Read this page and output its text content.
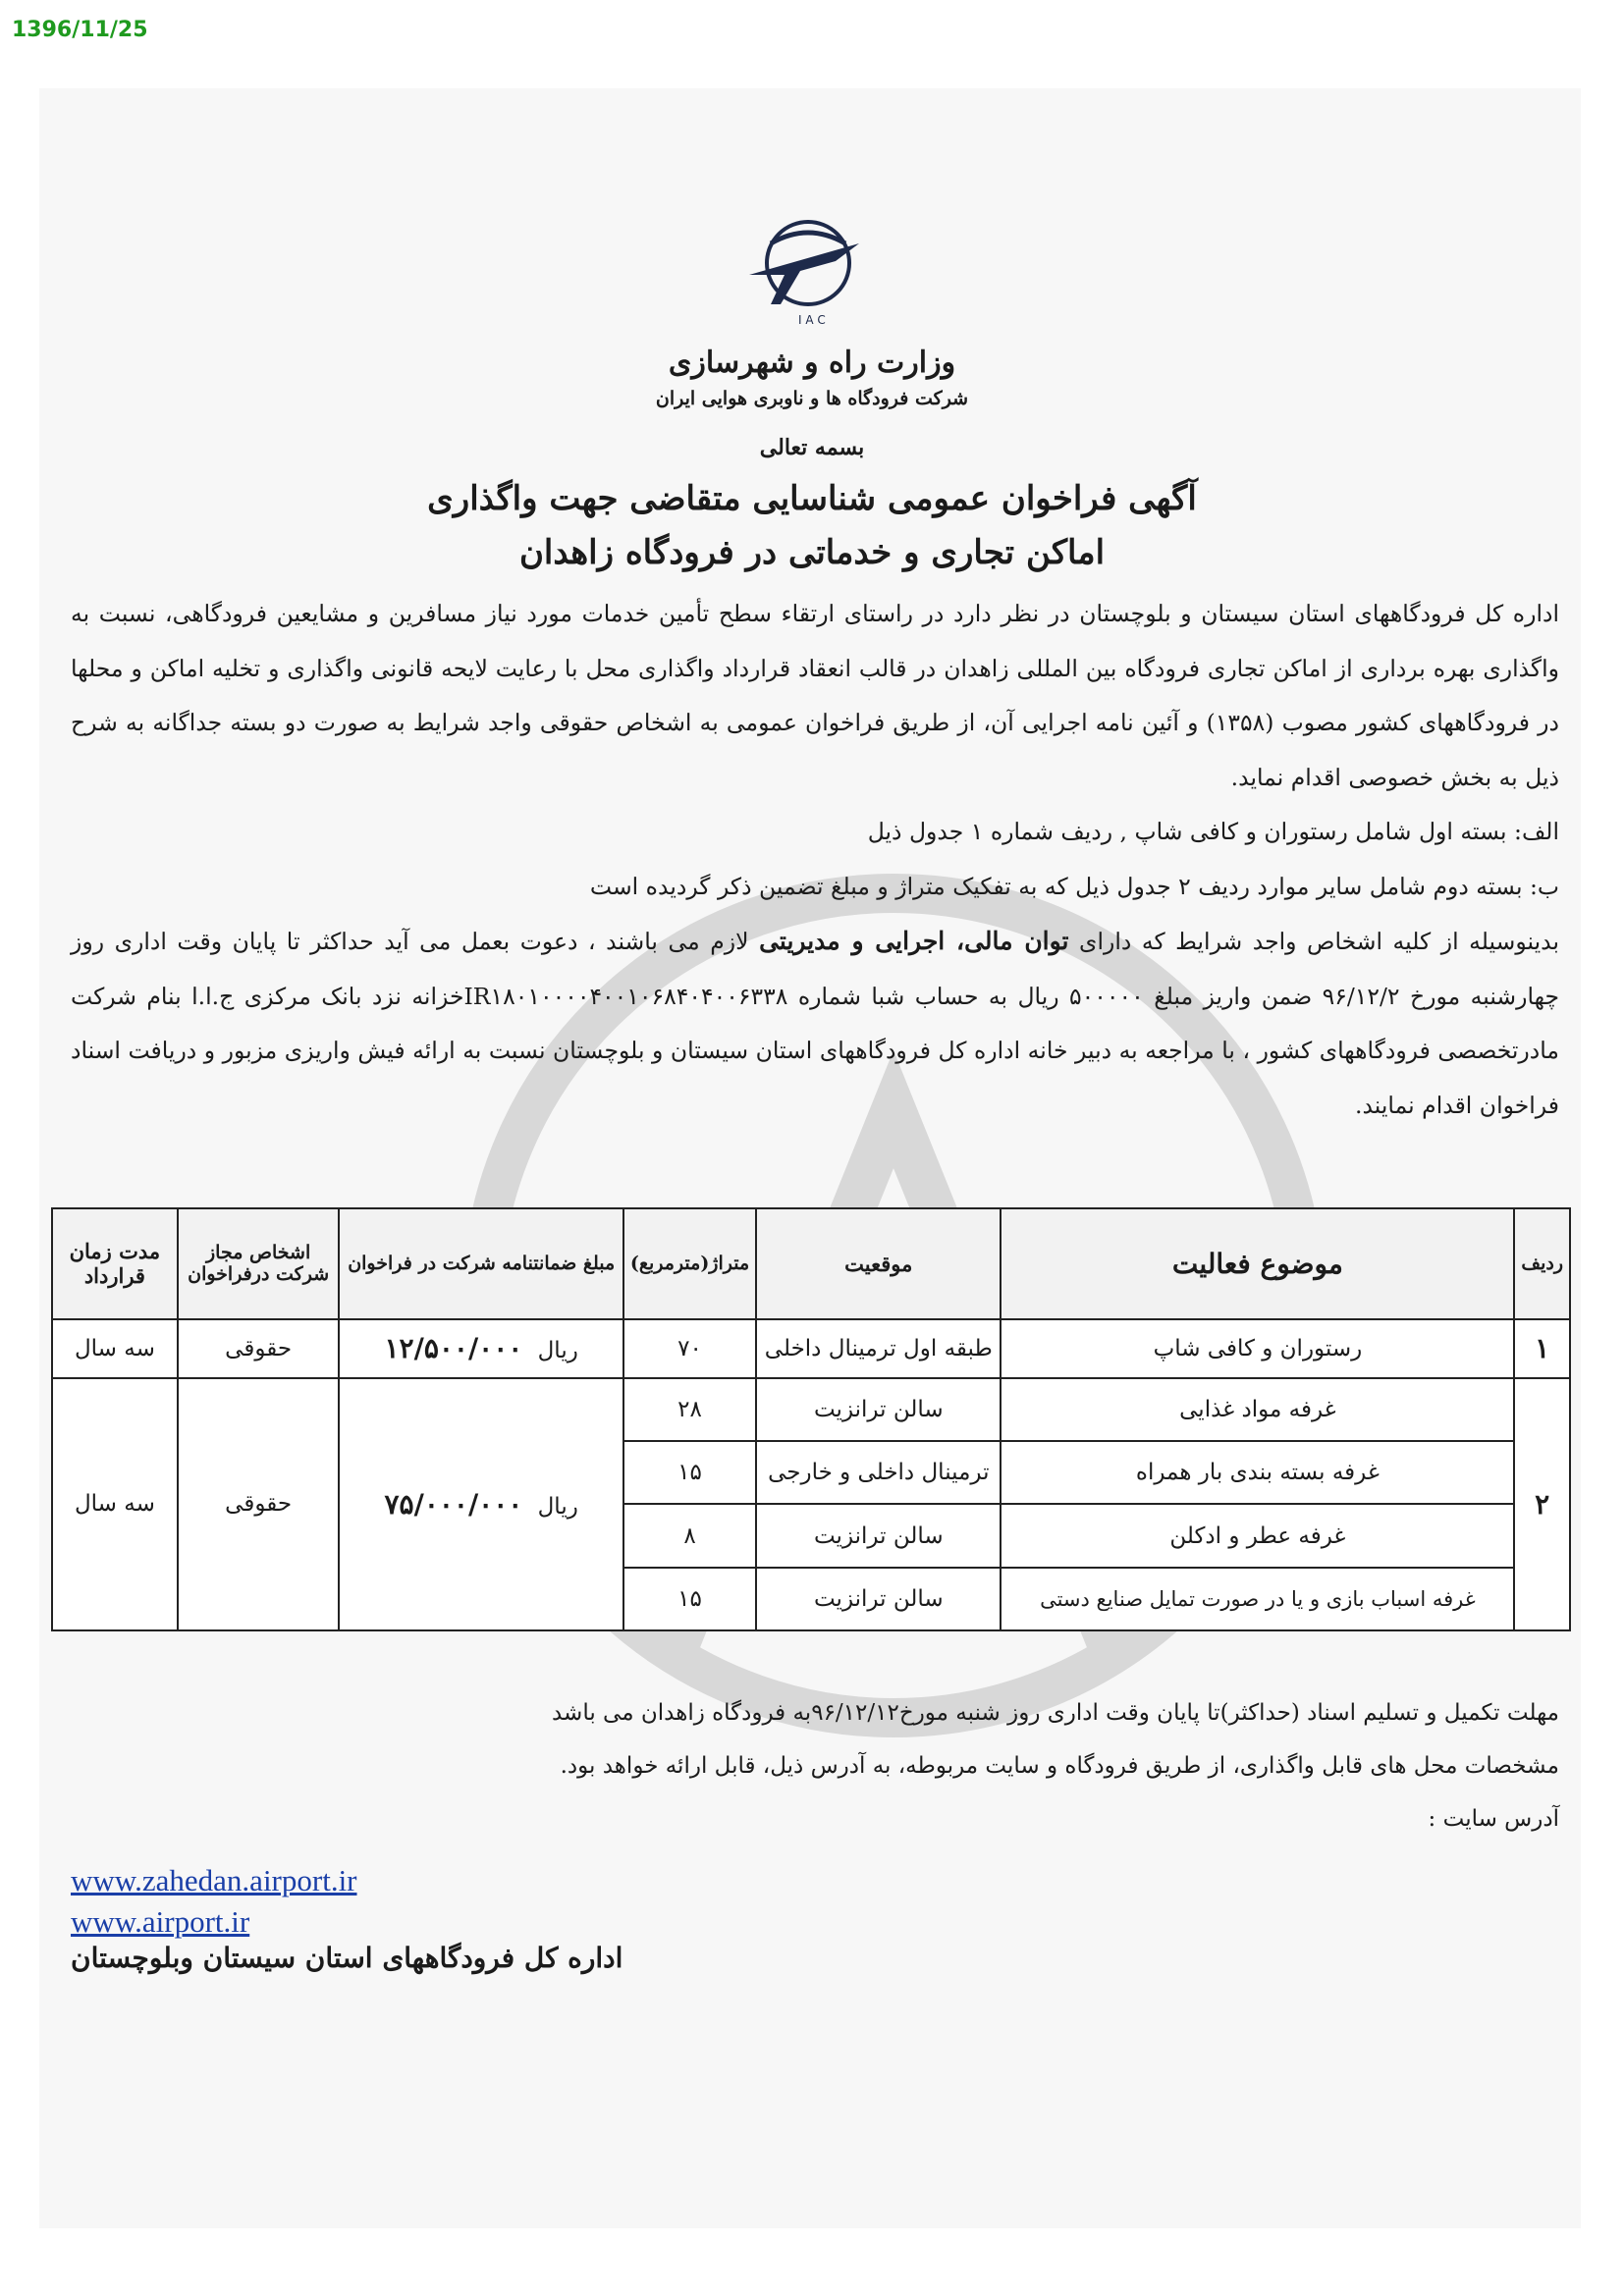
1396/11/25
I A C
وزارت راه و شهرسازی
شرکت فرودگاه ها و ناوبری هوایی ایران
بسمه تعالی
آگهی فراخوان عمومی شناسایی متقاضی جهت واگذاری
اماکن تجاری و خدماتی در فرودگاه زاهدان

اداره کل فرودگاههای استان سیستان و بلوچستان در نظر دارد در راستای ارتقاء سطح تأمین خدمات مورد نیاز مسافرین و مشایعین فرودگاهی، نسبت به واگذاری بهره برداری از اماکن تجاری فرودگاه بین المللی زاهدان در قالب انعقاد قرارداد واگذاری محل با رعایت لایحه قانونی واگذاری و تخلیه اماکن و محلها در فرودگاههای کشور مصوب (۱۳۵۸) و آئین نامه اجرایی آن، از طریق فراخوان عمومی به اشخاص حقوقی واجد شرایط به صورت دو بسته جداگانه به شرح ذیل به بخش خصوصی اقدام نماید.

الف: بسته اول شامل رستوران و کافی شاپ , ردیف شماره ۱ جدول ذیل

ب: بسته دوم شامل سایر موارد ردیف ۲ جدول ذیل که به تفکیک متراژ و مبلغ تضمین ذکر گردیده است

بدینوسیله از کلیه اشخاص واجد شرایط که دارای توان مالی، اجرایی و مدیریتی لازم می باشند ، دعوت بعمل می آید حداکثر تا پایان وقت اداری روز چهارشنبه مورخ ۹۶/۱۲/۲ ضمن واریز مبلغ ۵۰۰۰۰۰ ریال به حساب شبا شماره IR۱۸۰۱۰۰۰۰۴۰۰۱۰۶۸۴۰۴۰۰۶۳۳۸خزانه نزد بانک مرکزی ج.ا.ا بنام شرکت مادرتخصصی فرودگاههای کشور ، با مراجعه به دبیر خانه اداره کل فرودگاههای استان سیستان و بلوچستان نسبت به ارائه فیش واریزی مزبور و دریافت اسناد فراخوان اقدام نمایند.

ردیف	موضوع فعالیت	موقعیت	متراژ(مترمربع)	مبلغ ضمانتنامه شرکت در فراخوان	اشخاص مجاز شرکت درفراخوان	مدت زمان قرارداد
۱	رستوران و کافی شاپ	طبقه اول ترمینال داخلی	۷۰	ریال ۱۲/۵۰۰/۰۰۰	حقوقی	سه سال
۲	غرفه مواد غذایی	سالن ترانزیت	۲۸	ریال ۷۵/۰۰۰/۰۰۰	حقوقی	سه سال
	غرفه بسته بندی بار همراه	ترمینال داخلی و خارجی	۱۵			
	غرفه عطر و ادکلن	سالن ترانزیت	۸			
	غرفه اسباب بازی و یا در صورت تمایل صنایع دستی	سالن ترانزیت	۱۵			

مهلت تکمیل و تسلیم اسناد (حداکثر)تا پایان وقت اداری روز شنبه مورخ۹۶/۱۲/۱۲به فرودگاه زاهدان می باشد

مشخصات محل های قابل واگذاری، از طریق فرودگاه و سایت مربوطه، به آدرس ذیل، قابل ارائه خواهد بود.

آدرس سایت :

www.zahedan.airport.ir
www.airport.ir
اداره کل فرودگاههای استان سیستان وبلوچستان
